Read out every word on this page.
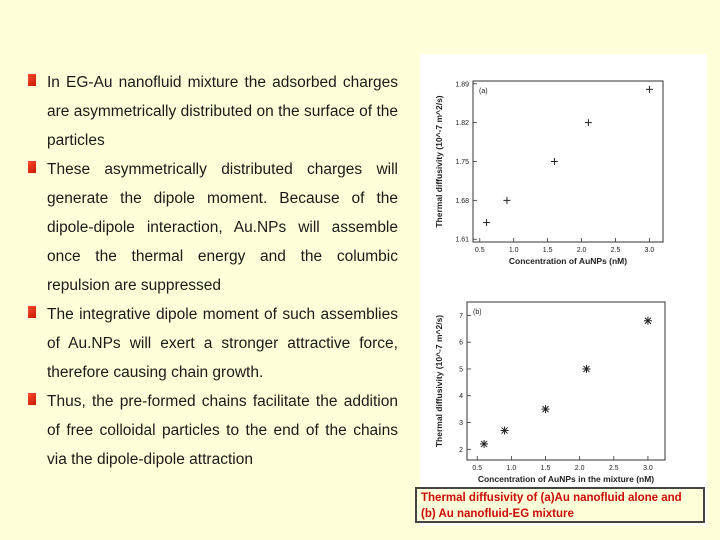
In EG-Au nanofluid mixture the adsorbed charges are asymmetrically distributed on the surface of the particles
These asymmetrically distributed charges will generate the dipole moment. Because of the dipole-dipole interaction, Au.NPs will assemble once the thermal energy and the columbic repulsion are suppressed
The integrative dipole moment of such assemblies of Au.NPs will exert a stronger attractive force, therefore causing chain growth.
Thus, the pre-formed chains facilitate the addition of free colloidal particles to the end of the chains via the dipole-dipole attraction
0.5	1.0	1.5	2.0	2.5	3.0
1.61
1.68
1.75
1.82
1.89
(a)
Concentration of AuNPs (nM)
Thermal diffusivity (10^-7 m^2/s)
0.5	1.0	1.5	2.0	2.5	3.0
2
3
4
5
6
7
(b)
Concentration of AuNPs in the mixture (nM)
Thermal diffusivity (10^-7 m^2/s)
Thermal diffusivity of (a)Au nanofluid alone and (b) Au nanofluid-EG mixture
